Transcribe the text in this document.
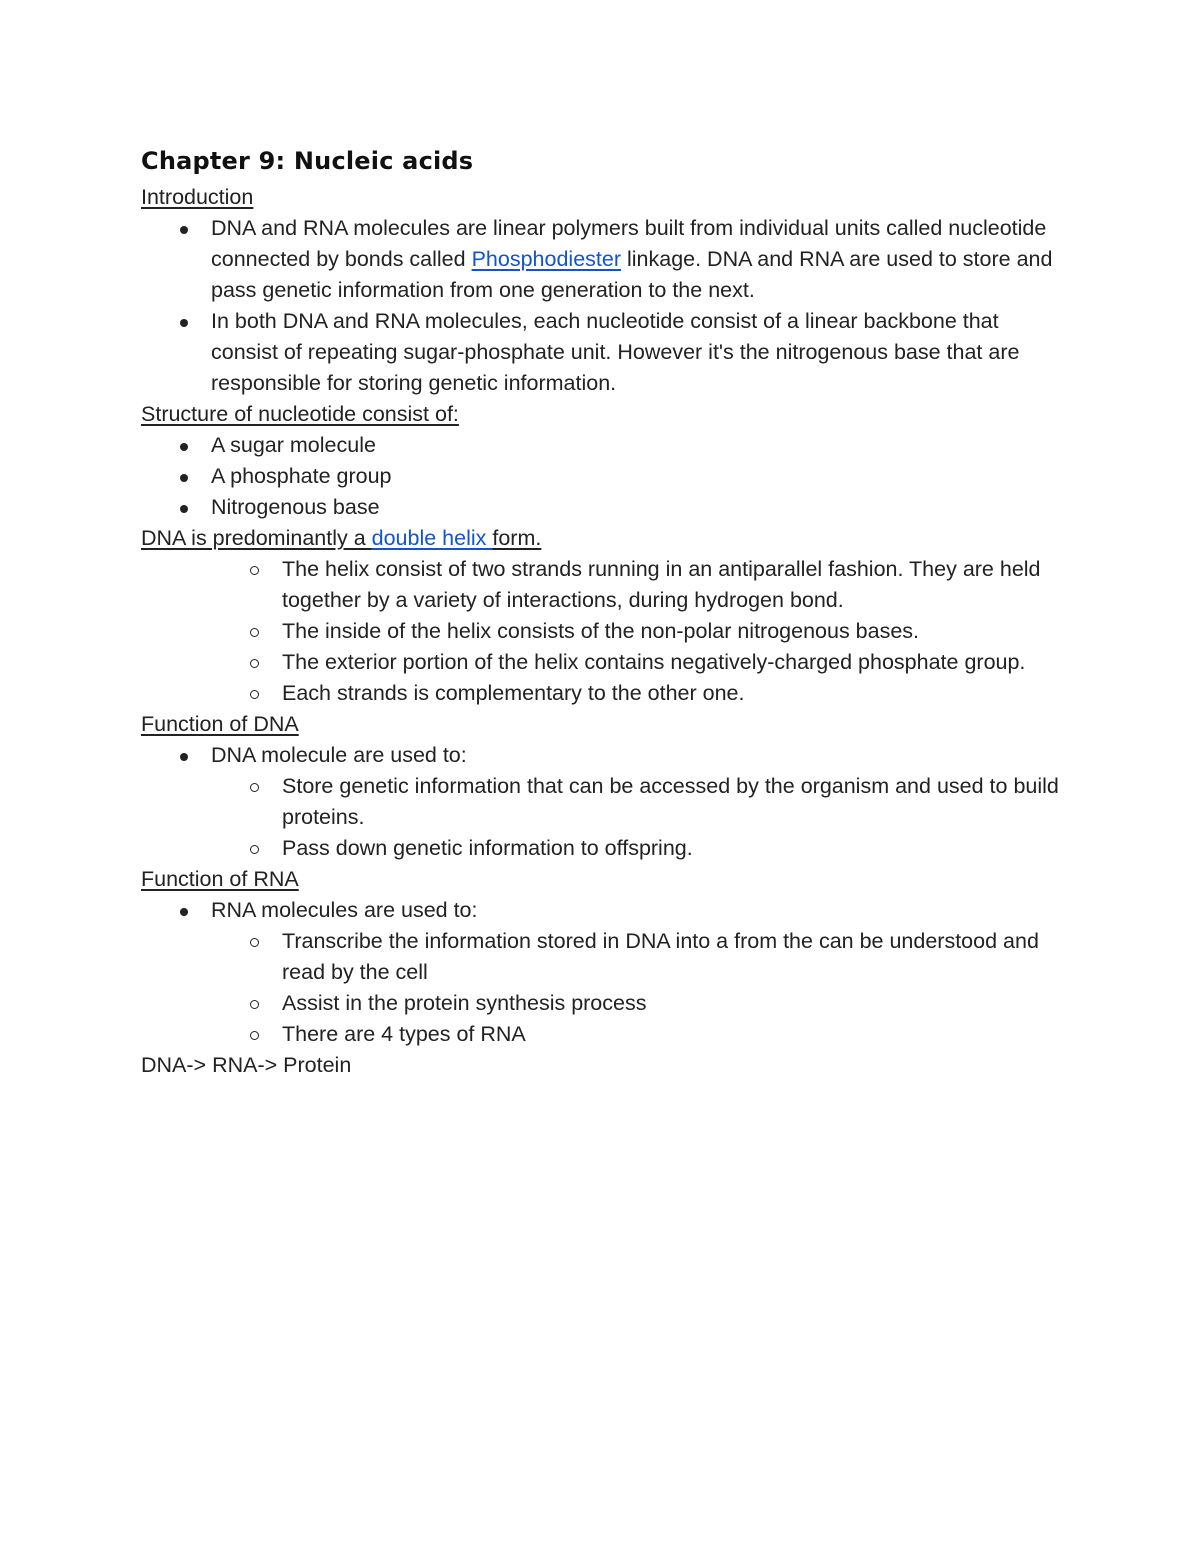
Chapter 9: Nucleic acids
Introduction
DNA and RNA molecules are linear polymers built from individual units called nucleotide connected by bonds called Phosphodiester linkage. DNA and RNA are used to store and pass genetic information from one generation to the next.
In both DNA and RNA molecules, each nucleotide consist of a linear backbone that consist of repeating sugar-phosphate unit. However it's the nitrogenous base that are responsible for storing genetic information.
Structure of nucleotide consist of:
A sugar molecule
A phosphate group
Nitrogenous base
DNA is predominantly a double helix form.
The helix consist of two strands running in an antiparallel fashion. They are held together by a variety of interactions, during hydrogen bond.
The inside of the helix consists of the non-polar nitrogenous bases.
The exterior portion of the helix contains negatively-charged phosphate group.
Each strands is complementary to the other one.
Function of DNA
DNA molecule are used to:
Store genetic information that can be accessed by the organism and used to build proteins.
Pass down genetic information to offspring.
Function of RNA
RNA molecules are used to:
Transcribe the information stored in DNA into a from the can be understood and read by the cell
Assist in the protein synthesis process
There are 4 types of RNA
DNA-> RNA-> Protein
